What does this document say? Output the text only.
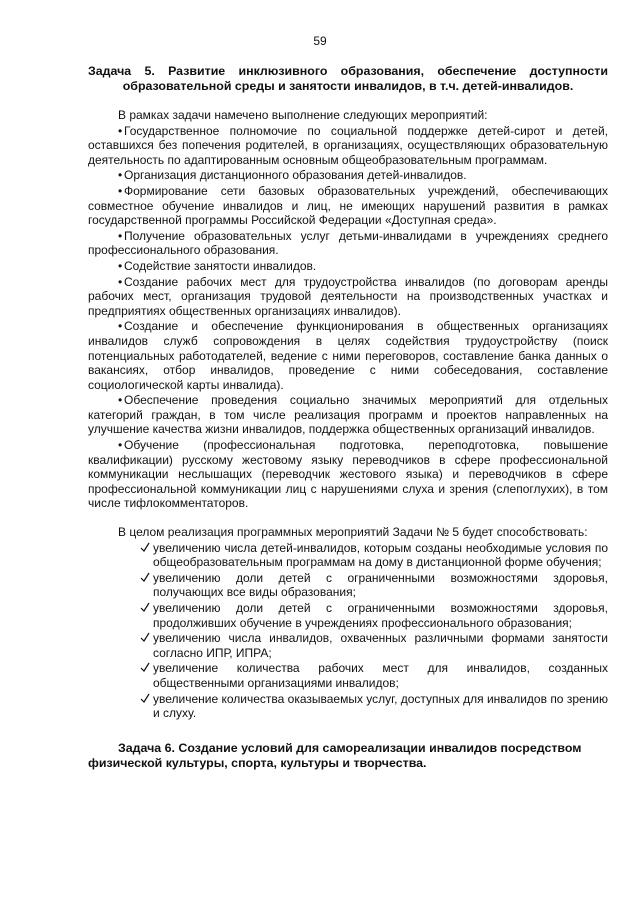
59
Задача 5. Развитие инклюзивного образования, обеспечение доступности образовательной среды и занятости инвалидов, в т.ч. детей-инвалидов.

В рамках задачи намечено выполнение следующих мероприятий:

• Государственное полномочие по социальной поддержке детей-сирот и детей, оставшихся без попечения родителей, в организациях, осуществляющих образовательную деятельность по адаптированным основным общеобразовательным программам.

• Организация дистанционного образования детей-инвалидов.

• Формирование сети базовых образовательных учреждений, обеспечивающих совместное обучение инвалидов и лиц, не имеющих нарушений развития в рамках государственной программы Российской Федерации «Доступная среда».

• Получение образовательных услуг детьми-инвалидами в учреждениях среднего профессионального образования.

• Содействие занятости инвалидов.

• Создание рабочих мест для трудоустройства инвалидов (по договорам аренды рабочих мест, организация трудовой деятельности на производственных участках и предприятиях общественных организациях инвалидов).

• Создание и обеспечение функционирования в общественных организациях инвалидов служб сопровождения в целях содействия трудоустройству (поиск потенциальных работодателей, ведение с ними переговоров, составление банка данных о вакансиях, отбор инвалидов, проведение с ними собеседования, составление социологической карты инвалида).

• Обеспечение проведения социально значимых мероприятий для отдельных категорий граждан, в том числе реализация программ и проектов направленных на улучшение качества жизни инвалидов, поддержка общественных организаций инвалидов.

• Обучение (профессиональная подготовка, переподготовка, повышение квалификации) русскому жестовому языку переводчиков в сфере профессиональной коммуникации неслышащих (переводчик жестового языка) и переводчиков в сфере профессиональной коммуникации лиц с нарушениями слуха и зрения (слепоглухих), в том числе тифлокомментаторов.

В целом реализация программных мероприятий Задачи № 5 будет способствовать:

увеличению числа детей-инвалидов, которым созданы необходимые условия по общеобразовательным программам на дому в дистанционной форме обучения;
увеличению доли детей с ограниченными возможностями здоровья, получающих все виды образования;
увеличению доли детей с ограниченными возможностями здоровья, продолживших обучение в учреждениях профессионального образования;
увеличению числа инвалидов, охваченных различными формами занятости согласно ИПР, ИПРА;
увеличение количества рабочих мест для инвалидов, созданных общественными организациями инвалидов;
увеличение количества оказываемых услуг, доступных для инвалидов по зрению и слуху.
Задача 6. Создание условий для самореализации инвалидов посредством физической культуры, спорта, культуры и творчества.
